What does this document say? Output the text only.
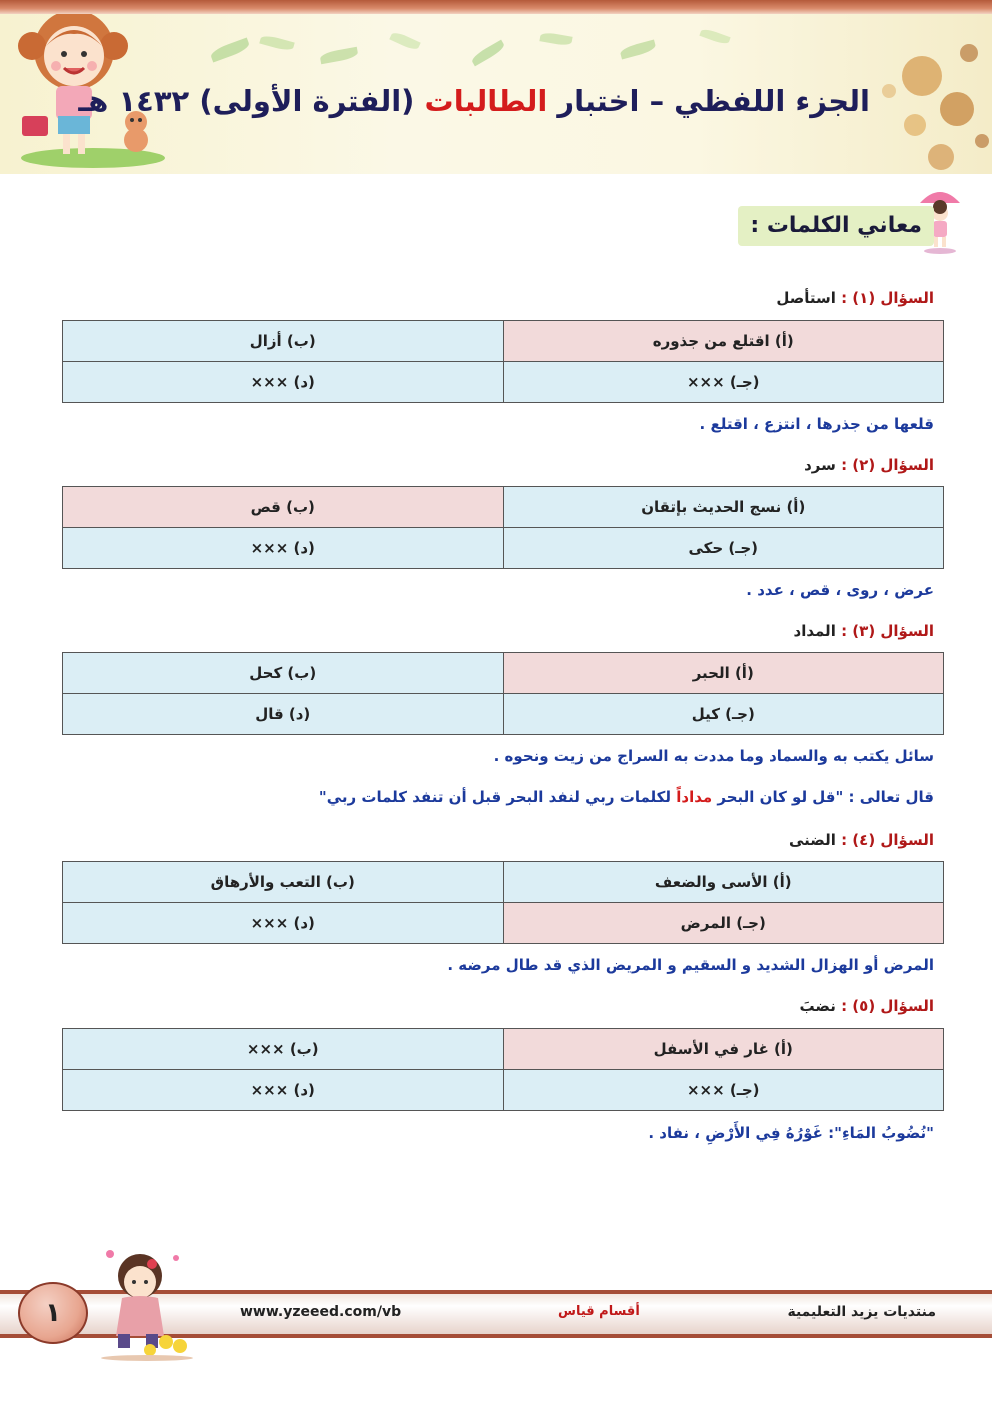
الجزء اللفظي – اختبار الطالبات (الفترة الأولى) ١٤٣٢ هـ
معاني الكلمات :
السؤال (١) : استأصل
(أ) اقتلع من جذوره	(ب) أزال
(جـ) ×××	(د) ×××
قلعها من جذرها ، انتزع ، اقتلع .
السؤال (٢) : سرد
(أ) نسج الحديث بإتقان	(ب) قص
(جـ) حكى	(د) ×××
عرض ، روى ، قص ، عدد .
السؤال (٣) : المداد
(أ) الحبر	(ب) كحل
(جـ) كيل	(د) قال
سائل يكتب به والسماد وما مددت به السراج من زيت ونحوه .
قال تعالى : "قل لو كان البحر مداداً لكلمات ربي لنفد البحر قبل أن تنفد كلمات ربي"
السؤال (٤) : الضنى
(أ) الأسى والضعف	(ب) التعب والأرهاق
(جـ) المرض	(د) ×××
المرض أو الهزال الشديد و السقيم و المريض الذي قد طال مرضه .
السؤال (٥) : نضبَ
(أ) غار في الأسفل	(ب) ×××
(جـ) ×××	(د) ×××
"نُضُوبُ المَاءِ": غَوْرُهُ فِي الأَرْضِ ، نفاد .
١	www.yzeeed.com/vb	أقسام قياس	منتديات يزيد التعليمية
